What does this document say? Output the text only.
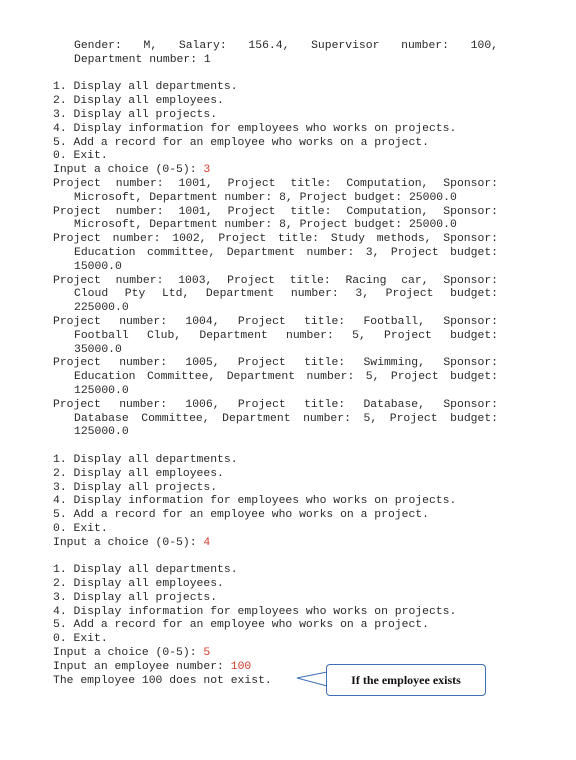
Gender: M, Salary: 156.4, Supervisor number: 100,
Department number: 1
1. Display all departments.
2. Display all employees.
3. Display all projects.
4. Display information for employees who works on projects.
5. Add a record for an employee who works on a project.
0. Exit.
Input a choice (0-5): 3
Project number: 1001, Project title: Computation, Sponsor:
Microsoft, Department number: 8, Project budget: 25000.0
Project number: 1001, Project title: Computation, Sponsor:
Microsoft, Department number: 8, Project budget: 25000.0
Project number: 1002, Project title: Study methods, Sponsor:
Education committee, Department number: 3, Project budget:
15000.0
Project number: 1003, Project title: Racing car, Sponsor:
Cloud Pty Ltd, Department number: 3, Project budget:
225000.0
Project number: 1004, Project title: Football, Sponsor:
Football Club, Department number: 5, Project budget:
35000.0
Project number: 1005, Project title: Swimming, Sponsor:
Education Committee, Department number: 5, Project budget:
125000.0
Project number: 1006, Project title: Database, Sponsor:
Database Committee, Department number: 5, Project budget:
125000.0
1. Display all departments.
2. Display all employees.
3. Display all projects.
4. Display information for employees who works on projects.
5. Add a record for an employee who works on a project.
0. Exit.
Input a choice (0-5): 4
1. Display all departments.
2. Display all employees.
3. Display all projects.
4. Display information for employees who works on projects.
5. Add a record for an employee who works on a project.
0. Exit.
Input a choice (0-5): 5
Input an employee number: 100
The employee 100 does not exist.	If the employee exists
